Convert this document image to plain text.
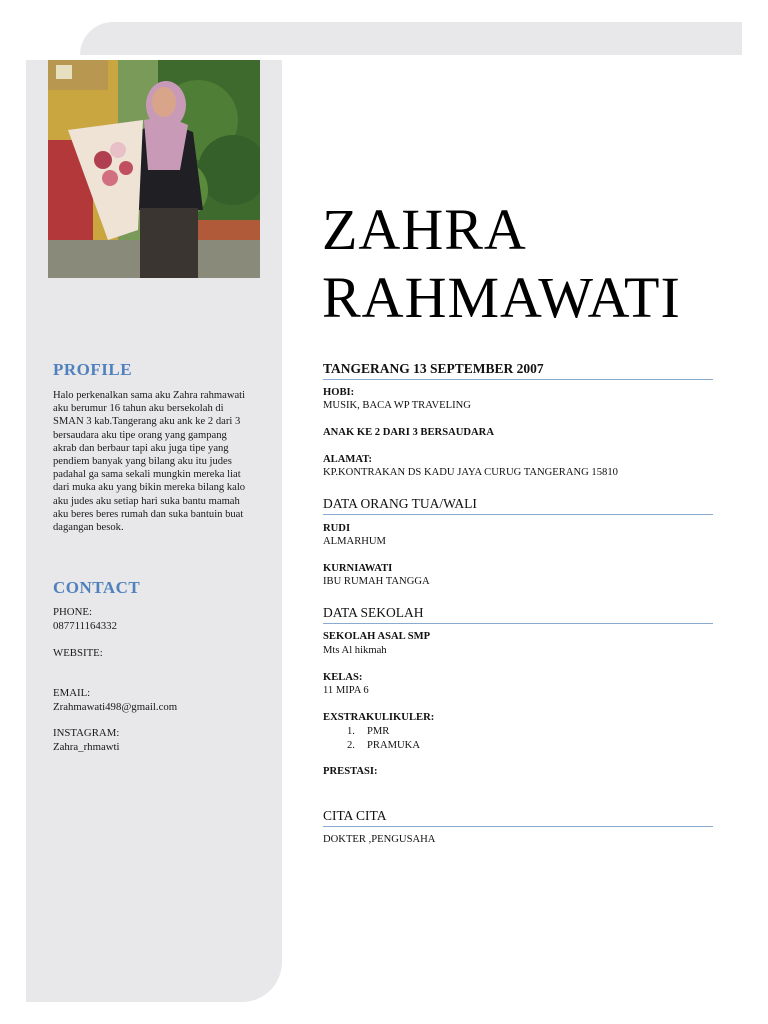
PROFILE
Halo perkenalkan sama aku Zahra rahmawati
aku berumur 16 tahun aku bersekolah di
SMAN 3 kab.Tangerang aku ank ke 2 dari 3
bersaudara aku tipe orang yang gampang
akrab dan berbaur tapi aku juga tipe yang
pendiem banyak yang bilang aku itu judes
padahal ga sama sekali mungkin mereka liat
dari muka aku yang bikin mereka bilang kalo
aku judes aku setiap hari suka bantu mamah
aku beres beres rumah dan suka bantuin buat
dagangan besok.
CONTACT
PHONE:
087711164332
WEBSITE:
EMAIL:
Zrahmawati498@gmail.com
INSTAGRAM:
Zahra_rhmawti
ZAHRA
RAHMAWATI
TANGERANG 13 SEPTEMBER 2007
HOBI:
MUSIK, BACA WP TRAVELING
ANAK KE 2 DARI 3 BERSAUDARA
ALAMAT:
KP.KONTRAKAN DS KADU JAYA CURUG TANGERANG 15810
DATA ORANG TUA/WALI
RUDI
ALMARHUM
KURNIAWATI
IBU RUMAH TANGGA
DATA SEKOLAH
SEKOLAH ASAL SMP
Mts Al hikmah
KELAS:
11 MIPA 6
EXSTRAKULIKULER:
1. PMR
2. PRAMUKA
PRESTASI:
CITA CITA
DOKTER ,PENGUSAHA
